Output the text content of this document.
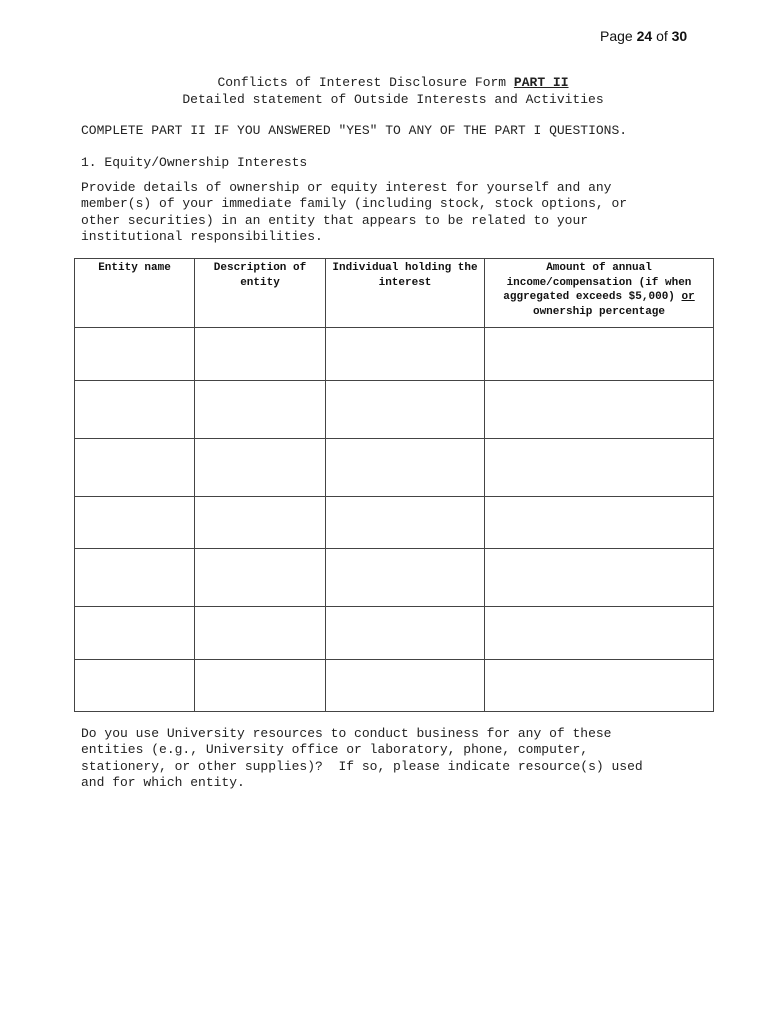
Page 24 of 30
Conflicts of Interest Disclosure Form PART II
Detailed statement of Outside Interests and Activities
COMPLETE PART II IF YOU ANSWERED "YES" TO ANY OF THE PART I QUESTIONS.
1. Equity/Ownership Interests
Provide details of ownership or equity interest for yourself and any
member(s) of your immediate family (including stock, stock options, or
other securities) in an entity that appears to be related to your
institutional responsibilities.
Entity name	Description of entity	Individual holding the interest	Amount of annual income/compensation (if when aggregated exceeds $5,000) or ownership percentage

Do you use University resources to conduct business for any of these
entities (e.g., University office or laboratory, phone, computer,
stationery, or other supplies)?  If so, please indicate resource(s) used
and for which entity.
